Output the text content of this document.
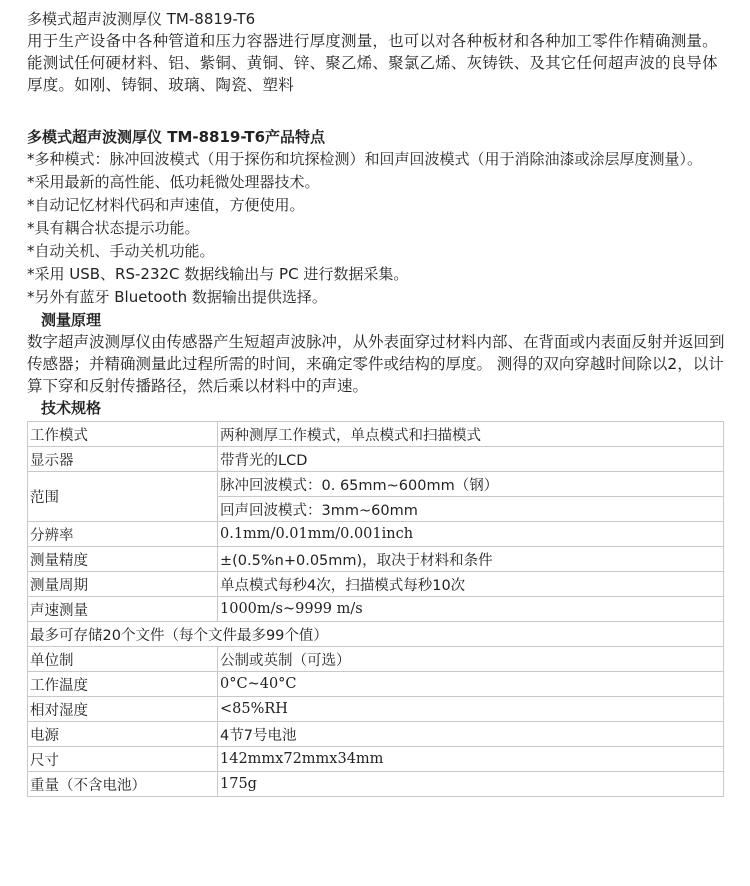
多模式超声波测厚仪 TM-8819-T6

用于生产设备中各种管道和压力容器进行厚度测量，也可以对各种板材和各种加工零件作精确测量。能测试任何硬材料、铝、紫铜、黄铜、锌、聚乙烯、聚氯乙烯、灰铸铁、及其它任何超声波的良导体厚度。如刚、铸铜、玻璃、陶瓷、塑料

多模式超声波测厚仪 TM-8819-T6产品特点

*多种模式：脉冲回波模式（用于探伤和坑探检测）和回声回波模式（用于消除油漆或涂层厚度测量）。

*采用最新的高性能、低功耗微处理器技术。

*自动记忆材料代码和声速值，方便使用。

*具有耦合状态提示功能。

*自动关机、手动关机功能。

*采用 USB、RS-232C 数据线输出与 PC 进行数据采集。

*另外有蓝牙 Bluetooth 数据输出提供选择。

测量原理

数字超声波测厚仪由传感器产生短超声波脉冲，从外表面穿过材料内部、在背面或内表面反射并返回到传感器；并精确测量此过程所需的时间，来确定零件或结构的厚度。 测得的双向穿越时间除以2，以计算下穿和反射传播路径，然后乘以材料中的声速。

技术规格

工作模式	两种测厚工作模式，单点模式和扫描模式
显示器	带背光的LCD
范围	脉冲回波模式：0. 65mm~600mm（钢）
	回声回波模式：3mm~60mm
分辨率	0.1mm/0.01mm/0.001inch
测量精度	±(0.5%n+0.05mm)，取决于材料和条件
测量周期	单点模式每秒4次，扫描模式每秒10次
声速测量	1000m/s~9999 m/s
最多可存储20个文件（每个文件最多99个值）	
单位制	公制或英制（可选）
工作温度	0°C~40°C
相对湿度	<85%RH
电源	4节7号电池
尺寸	142mmx72mmx34mm
重量（不含电池）	175g
